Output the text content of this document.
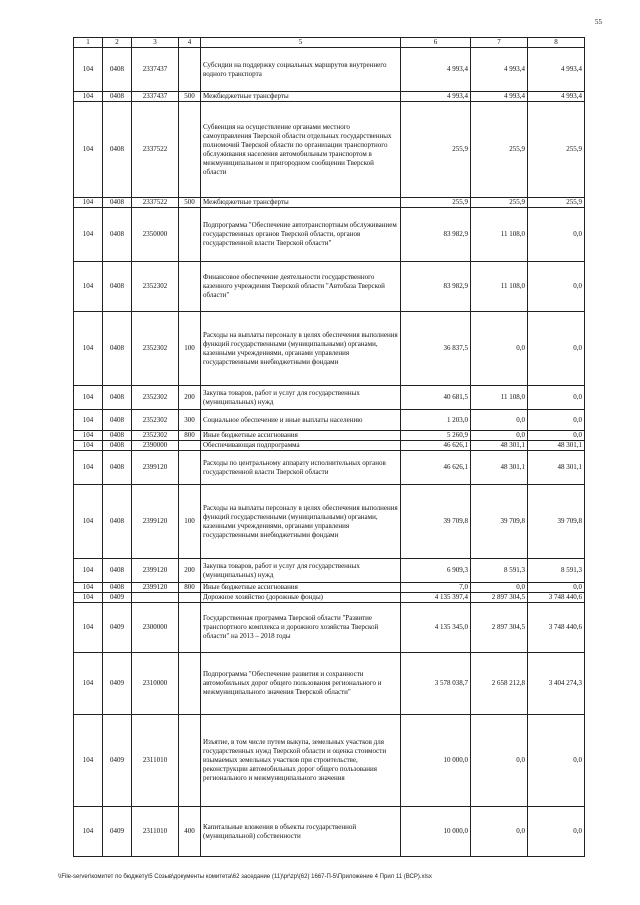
55
1	2	3	4	5	6	7	8
104	0408	2337437		Субсидии на поддержку социальных маршрутов внутреннего водного транспорта	4 993,4	4 993,4	4 993,4
104	0408	2337437	500	Межбюджетные трансферты	4 993,4	4 993,4	4 993,4
104	0408	2337522		Субвенция на осуществление органами местного самоуправления Тверской области отдельных государственных полномочий Тверской области по организации транспортного обслуживания населения автомобильным транспортом в межмуниципальном и пригородном сообщении Тверской области	255,9	255,9	255,9
104	0408	2337522	500	Межбюджетные трансферты	255,9	255,9	255,9
104	0408	2350000		Подпрограмма "Обеспечение автотранспортным обслуживанием государственных органов Тверской области, органов государственной власти Тверской области"	83 982,9	11 108,0	0,0
104	0408	2352302		Финансовое обеспечение деятельности государственного казенного учреждения Тверской области "Автобаза Тверской области"	83 982,9	11 108,0	0,0
104	0408	2352302	100	Расходы на выплаты персоналу в целях обеспечения выполнения функций государственными (муниципальными) органами, казенными учреждениями, органами управления государственными внебюджетными фондами	36 837,5	0,0	0,0
104	0408	2352302	200	Закупка товаров, работ и услуг для государственных (муниципальных) нужд	40 681,5	11 108,0	0,0
104	0408	2352302	300	Социальное обеспечение и иные выплаты населению	1 203,0	0,0	0,0
104	0408	2352302	800	Иные бюджетные ассигнования	5 260,9	0,0	0,0
104	0408	2390000		Обеспечивающая подпрограмма	46 626,1	48 301,1	48 301,1
104	0408	2399120		Расходы по центральному аппарату исполнительных органов государственной власти Тверской области	46 626,1	48 301,1	48 301,1
104	0408	2399120	100	Расходы на выплаты персоналу в целях обеспечения выполнения функций государственными (муниципальными) органами, казенными учреждениями, органами управления государственными внебюджетными фондами	39 709,8	39 709,8	39 709,8
104	0408	2399120	200	Закупка товаров, работ и услуг для государственных (муниципальных) нужд	6 909,3	8 591,3	8 591,3
104	0408	2399120	800	Иные бюджетные ассигнования	7,0	0,0	0,0
104	0409			Дорожное хозяйство (дорожные фонды)	4 135 397,4	2 897 304,5	3 748 440,6
104	0409	2300000		Государственная программа Тверской области "Развитие транспортного комплекса и дорожного хозяйства Тверской области" на 2013 – 2018 годы	4 135 345,0	2 897 304,5	3 748 440,6
104	0409	2310000		Подпрограмма "Обеспечение развития и сохранности автомобильных дорог общего пользования регионального и межмуниципального значения Тверской области"	3 578 038,7	2 658 212,8	3 404 274,3
104	0409	2311010		Изъятие, в том числе путем выкупа, земельных участков для государственных нужд Тверской области и оценка стоимости изымаемых земельных участков при строительстве, реконструкции автомобильных дорог общего пользования регионального и межмуниципального значения	10 000,0	0,0	0,0
104	0409	2311010	400	Капитальные вложения в объекты государственной (муниципальной) собственности	10 000,0	0,0	0,0
\\File-server\комитет по бюджету\5 Созыв\документы комитета\62 заседание (11)\pr\zp\(62) 1667-П-5\Приложение 4 Прил 11 (ВСР).xlsx
